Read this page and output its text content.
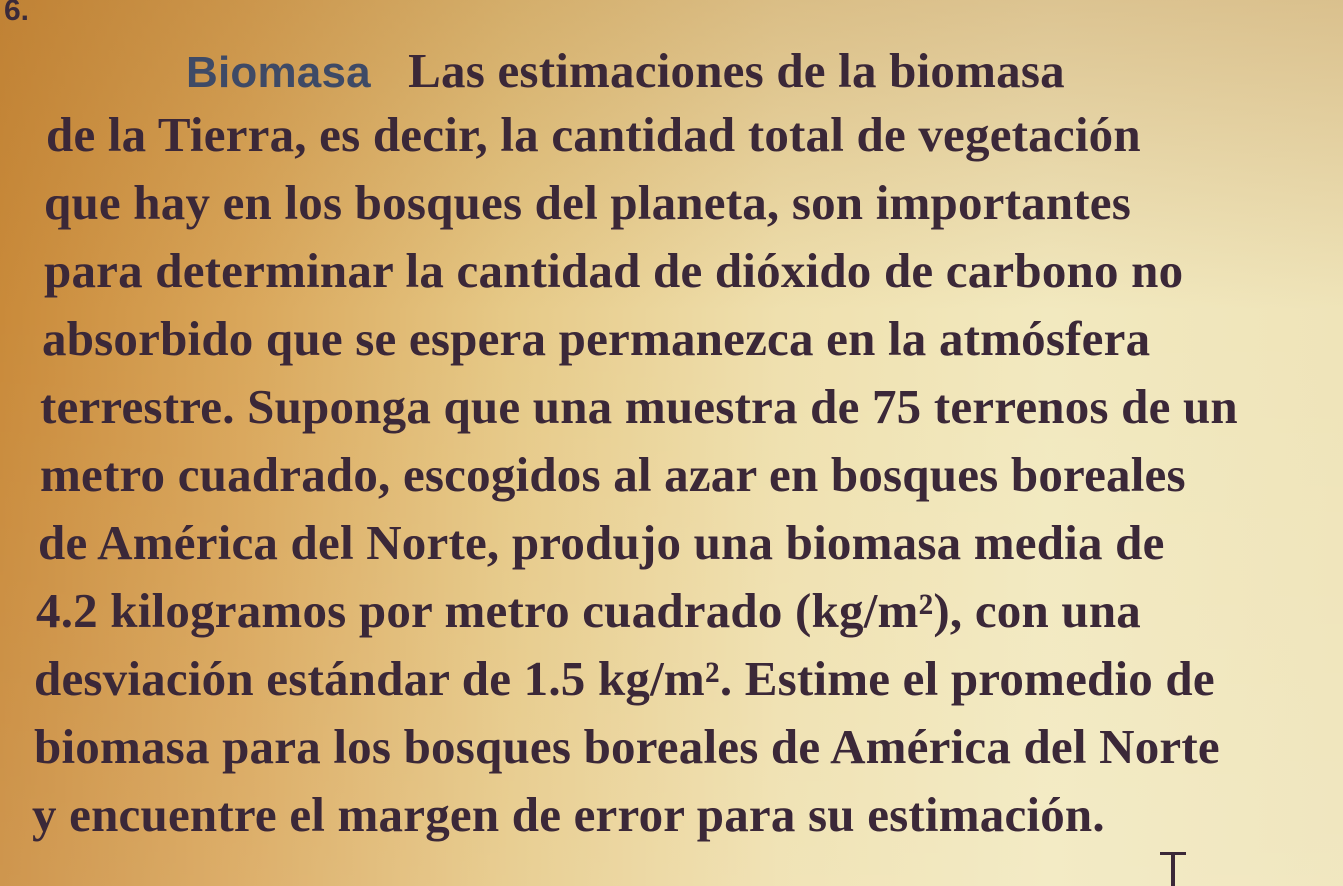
6.
Biomasa Las estimaciones de la biomasa
de la Tierra, es decir, la cantidad total de vegetación
que hay en los bosques del planeta, son importantes
para determinar la cantidad de dióxido de carbono no
absorbido que se espera permanezca en la atmósfera
terrestre. Suponga que una muestra de 75 terrenos de un
metro cuadrado, escogidos al azar en bosques boreales
de América del Norte, produjo una biomasa media de
4.2 kilogramos por metro cuadrado (kg/m²), con una
desviación estándar de 1.5 kg/m². Estime el promedio de
biomasa para los bosques boreales de América del Norte
y encuentre el margen de error para su estimación.
